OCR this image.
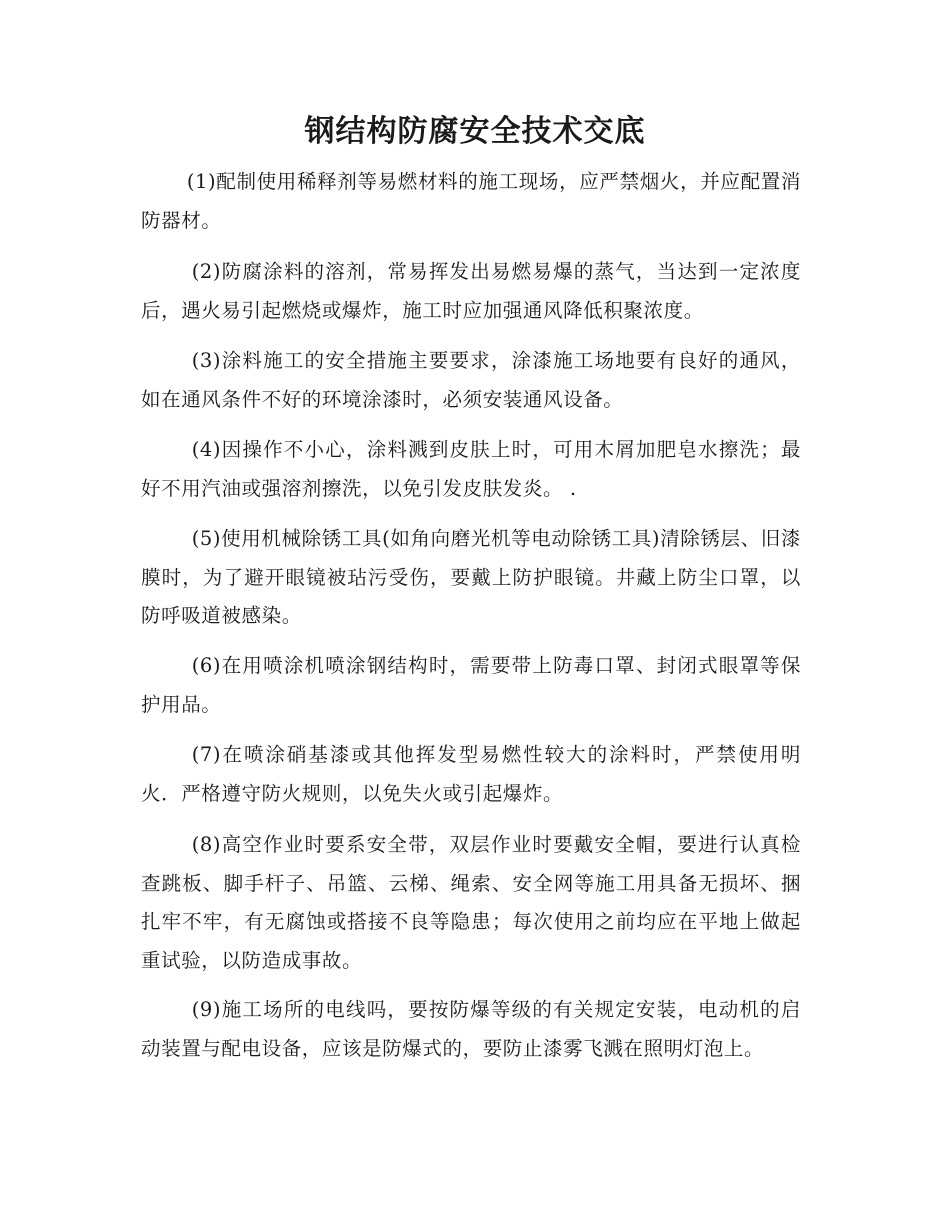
钢结构防腐安全技术交底

(1)配制使用稀释剂等易燃材料的施工现场，应严禁烟火，并应配置消防器材。

(2)防腐涂料的溶剂，常易挥发出易燃易爆的蒸气，当达到一定浓度后，遇火易引起燃烧或爆炸，施工时应加强通风降低积聚浓度。

(3)涂料施工的安全措施主要要求，涂漆施工场地要有良好的通风，如在通风条件不好的环境涂漆时，必须安装通风设备。

(4)因操作不小心，涂料溅到皮肤上时，可用木屑加肥皂水擦洗；最好不用汽油或强溶剂擦洗，以免引发皮肤发炎。 .

(5)使用机械除锈工具(如角向磨光机等电动除锈工具)清除锈层、旧漆膜时，为了避开眼镜被玷污受伤，要戴上防护眼镜。井藏上防尘口罩，以防呼吸道被感染。

(6)在用喷涂机喷涂钢结构时，需要带上防毒口罩、封闭式眼罩等保护用品。

(7)在喷涂硝基漆或其他挥发型易燃性较大的涂料时，严禁使用明火．严格遵守防火规则，以免失火或引起爆炸。

(8)高空作业时要系安全带，双层作业时要戴安全帽，要进行认真检查跳板、脚手杆子、吊篮、云梯、绳索、安全网等施工用具备无损坏、捆扎牢不牢，有无腐蚀或搭接不良等隐患；每次使用之前均应在平地上做起重试验，以防造成事故。

(9)施工场所的电线吗，要按防爆等级的有关规定安装，电动机的启动装置与配电设备，应该是防爆式的，要防止漆雾飞溅在照明灯泡上。
